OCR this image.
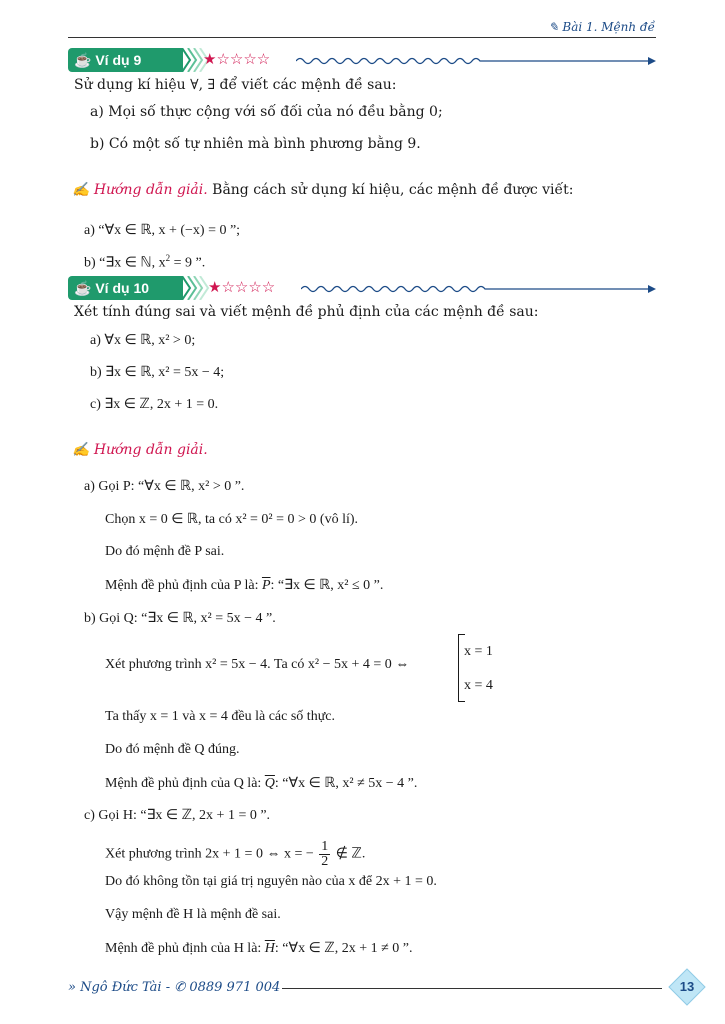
✎ Bài 1. Mệnh đề
☕ Ví dụ 9	★☆☆☆☆
Sử dụng kí hiệu ∀, ∃ để viết các mệnh đề sau:
a) Mọi số thực cộng với số đối của nó đều bằng 0;
b) Có một số tự nhiên mà bình phương bằng 9.
✍ Hướng dẫn giải. Bằng cách sử dụng kí hiệu, các mệnh đề được viết:
a) “∀x ∈ ℝ, x + (−x) = 0 ”;
b) “∃x ∈ ℕ, $x^2 = 9$ ”.
☕ Ví dụ 10	★☆☆☆☆
Xét tính đúng sai và viết mệnh đề phủ định của các mệnh đề sau:
a) ∀x ∈ ℝ, x² > 0;
b) ∃x ∈ ℝ, x² = 5x − 4;
c) ∃x ∈ ℤ, 2x + 1 = 0.
✍ Hướng dẫn giải.
a) Gọi P: “∀x ∈ ℝ, x² > 0 ”.
Chọn x = 0 ∈ ℝ, ta có x² = 0² = 0 > 0 (vô lí).
Do đó mệnh đề P sai.
Mệnh đề phủ định của P là: $\overline{P}$: “∃x ∈ ℝ, x² ≤ 0 ”.
b) Gọi Q: “∃x ∈ ℝ, x² = 5x − 4 ”.
Xét phương trình x² = 5x − 4. Ta có x² − 5x + 4 = 0 ⇔
x = 1
x = 4
Ta thấy x = 1 và x = 4 đều là các số thực.
Do đó mệnh đề Q đúng.
Mệnh đề phủ định của Q là: $\overline{Q}$: “∀x ∈ ℝ, x² ≠ 5x − 4 ”.
c) Gọi H: “∃x ∈ ℤ, 2x + 1 = 0 ”.
Xét phương trình 2x + 1 = 0 ⇔ x = − $\frac{1}{2}$ ∉ ℤ.
Do đó không tồn tại giá trị nguyên nào của x để 2x + 1 = 0.
Vậy mệnh đề H là mệnh đề sai.
Mệnh đề phủ định của H là: $\overline{H}$: “∀x ∈ ℤ, 2x + 1 ≠ 0 ”.
» Ngô Đức Tài - ✆ 0889 971 004	13
